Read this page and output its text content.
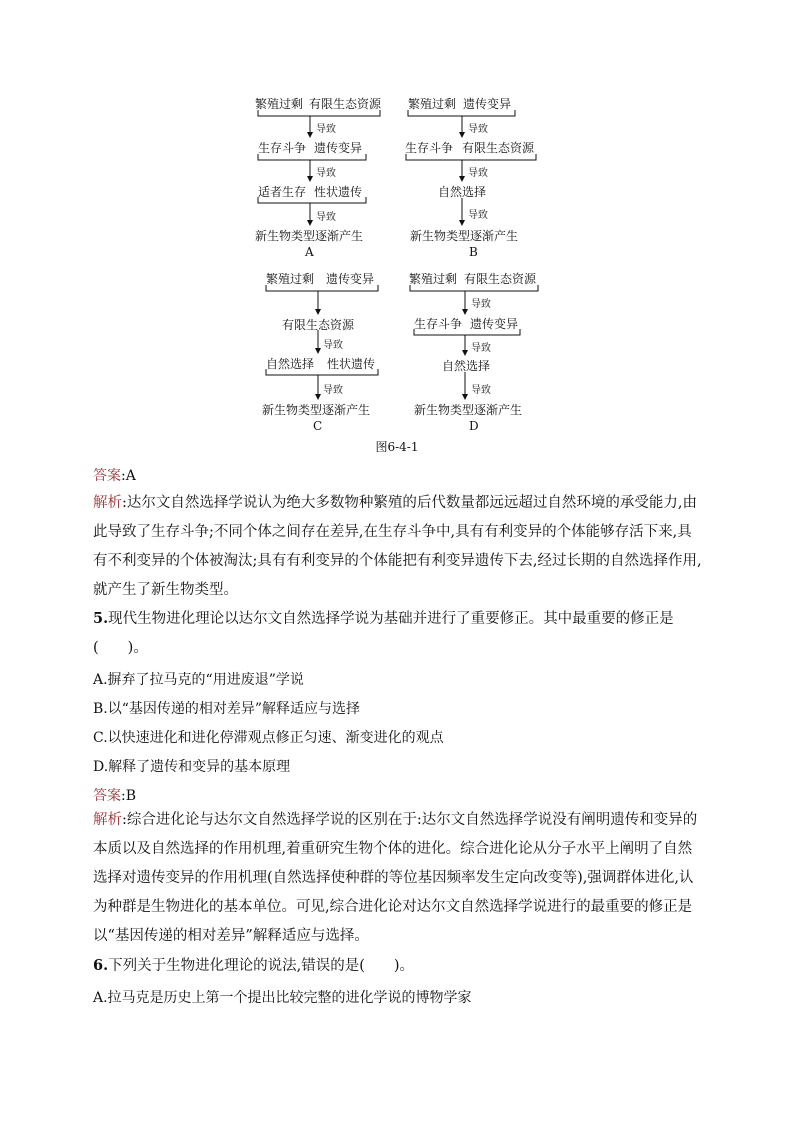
繁殖过剩 有限生态资源
导致
生存斗争 遗传变异
导致
适者生存 性状遗传
导致
新生物类型逐渐产生
A
繁殖过剩 遗传变异
导致
生存斗争 有限生态资源
导致
自然选择
导致
新生物类型逐渐产生
B
繁殖过剩 遗传变异
有限生态资源
导致
自然选择 性状遗传
导致
新生物类型逐渐产生
C
繁殖过剩 有限生态资源
导致
生存斗争 遗传变异
导致
自然选择
导致
新生物类型逐渐产生
D
图6-4-1
答案:A
解析:达尔文自然选择学说认为绝大多数物种繁殖的后代数量都远远超过自然环境的承受能力,由此导致了生存斗争;不同个体之间存在差异,在生存斗争中,具有有利变异的个体能够存活下来,具有不利变异的个体被淘汰;具有有利变异的个体能把有利变异遗传下去,经过长期的自然选择作用,就产生了新生物类型。
5.现代生物进化理论以达尔文自然选择学说为基础并进行了重要修正。其中最重要的修正是
(　　)。
A.摒弃了拉马克的“用进废退”学说
B.以“基因传递的相对差异”解释适应与选择
C.以快速进化和进化停滞观点修正匀速、渐变进化的观点
D.解释了遗传和变异的基本原理
答案:B
解析:综合进化论与达尔文自然选择学说的区别在于:达尔文自然选择学说没有阐明遗传和变异的本质以及自然选择的作用机理,着重研究生物个体的进化。综合进化论从分子水平上阐明了自然选择对遗传变异的作用机理(自然选择使种群的等位基因频率发生定向改变等),强调群体进化,认为种群是生物进化的基本单位。可见,综合进化论对达尔文自然选择学说进行的最重要的修正是以“基因传递的相对差异”解释适应与选择。
6.下列关于生物进化理论的说法,错误的是(　　)。
A.拉马克是历史上第一个提出比较完整的进化学说的博物学家
